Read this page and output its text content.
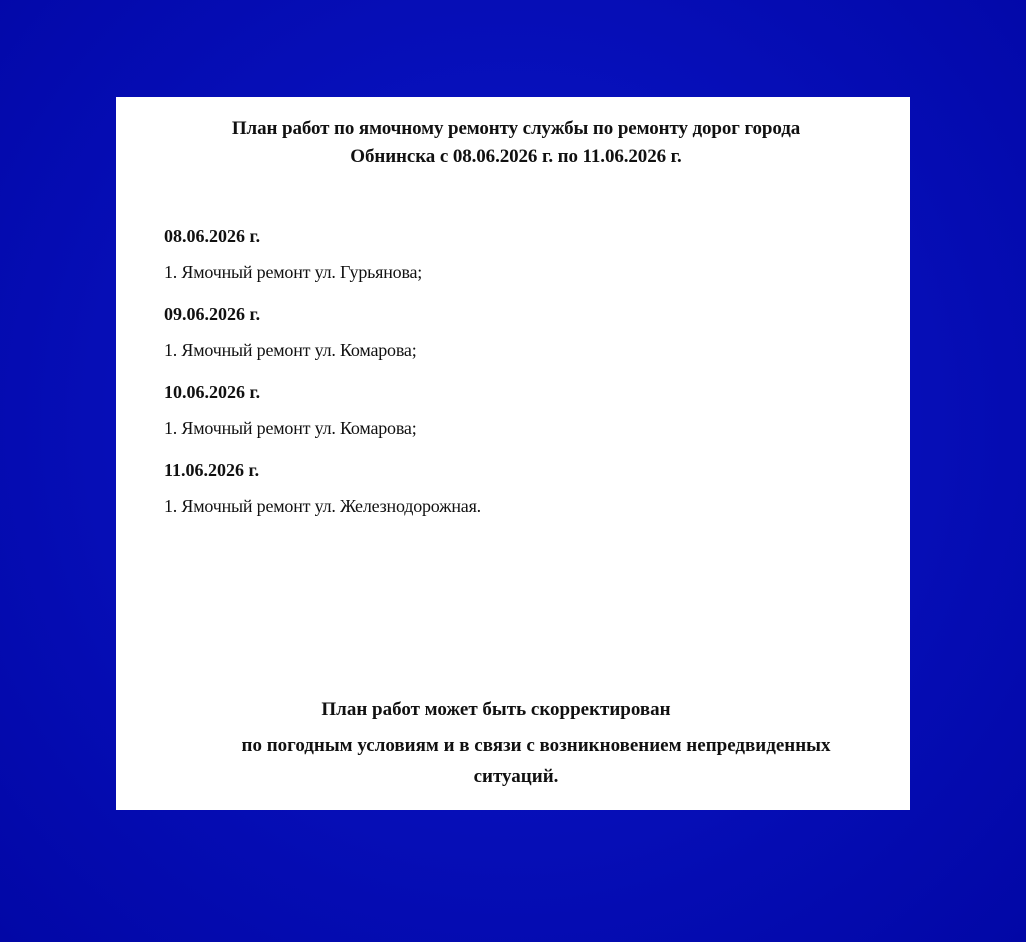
План работ по ямочному ремонту службы по ремонту дорог города
Обнинска с 08.06.2026 г. по 11.06.2026 г.
08.06.2026 г.
1. Ямочный ремонт ул. Гурьянова;
09.06.2026 г.
1. Ямочный ремонт ул. Комарова;
10.06.2026 г.
1. Ямочный ремонт ул. Комарова;
11.06.2026 г.
1. Ямочный ремонт ул. Железнодорожная.
План работ может быть скорректирован
по погодным условиям и в связи с возникновением непредвиденных
ситуаций.
